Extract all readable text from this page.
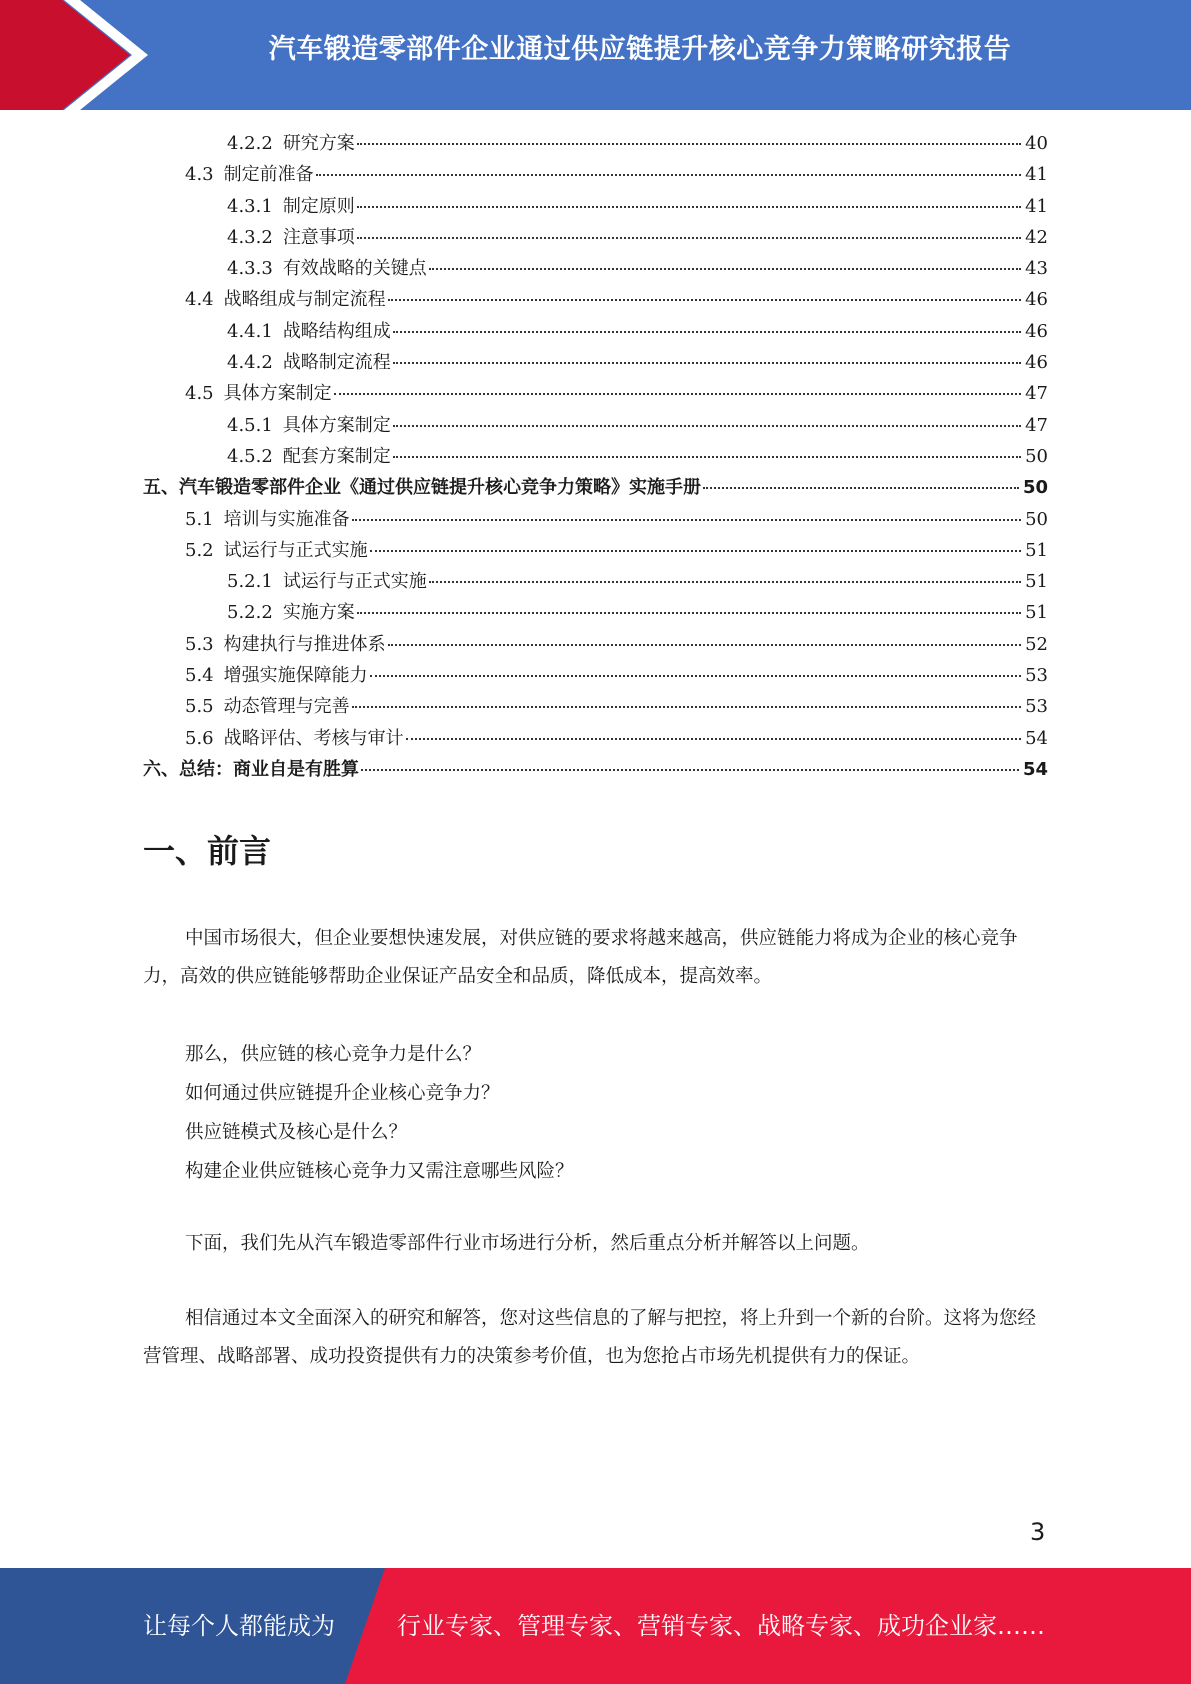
汽车锻造零部件企业通过供应链提升核心竞争力策略研究报告
4.2.2 研究方案	40
4.3 制定前准备	41
4.3.1 制定原则	41
4.3.2 注意事项	42
4.3.3 有效战略的关键点	43
4.4 战略组成与制定流程	46
4.4.1 战略结构组成	46
4.4.2 战略制定流程	46
4.5 具体方案制定	47
4.5.1 具体方案制定	47
4.5.2 配套方案制定	50
五、汽车锻造零部件企业《通过供应链提升核心竞争力策略》实施手册	50
5.1 培训与实施准备	50
5.2 试运行与正式实施	51
5.2.1 试运行与正式实施	51
5.2.2 实施方案	51
5.3 构建执行与推进体系	52
5.4 增强实施保障能力	53
5.5 动态管理与完善	53
5.6 战略评估、考核与审计	54
六、总结：商业自是有胜算	54
一、前言

中国市场很大，但企业要想快速发展，对供应链的要求将越来越高，供应链能力将成为企业的核心竞争力，高效的供应链能够帮助企业保证产品安全和品质，降低成本，提高效率。

那么，供应链的核心竞争力是什么？
如何通过供应链提升企业核心竞争力？
供应链模式及核心是什么？
构建企业供应链核心竞争力又需注意哪些风险？

下面，我们先从汽车锻造零部件行业市场进行分析，然后重点分析并解答以上问题。

相信通过本文全面深入的研究和解答，您对这些信息的了解与把控，将上升到一个新的台阶。这将为您经营管理、战略部署、成功投资提供有力的决策参考价值，也为您抢占市场先机提供有力的保证。

3
让每个人都能成为	行业专家、管理专家、营销专家、战略专家、成功企业家……
